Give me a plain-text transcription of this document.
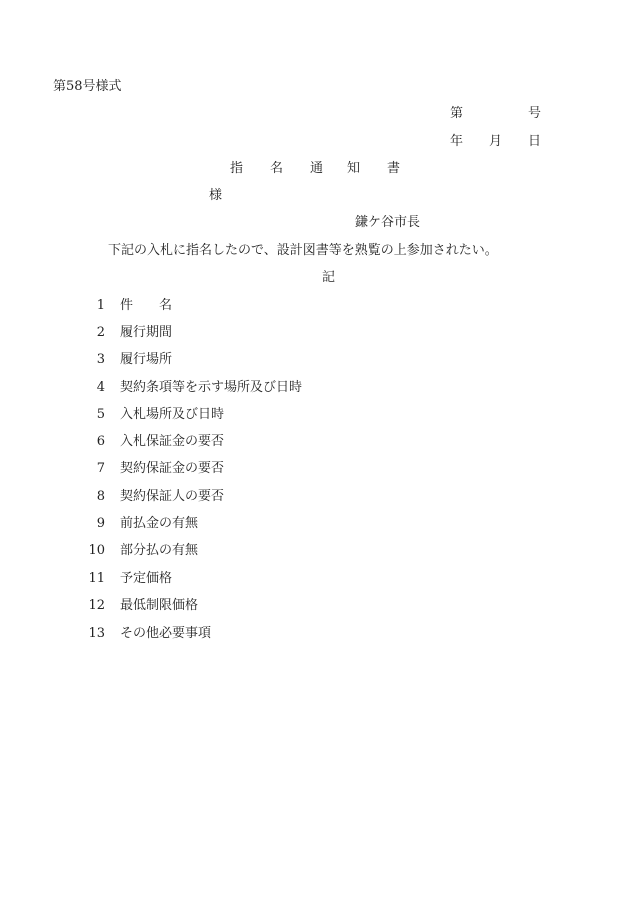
第58号様式
第	号
年 月 日
指 名 通 知 書
様
鎌ケ谷市長
下記の入札に指名したので、設計図書等を熟覧の上参加されたい。
記
1 件　　名
2 履行期間
3 履行場所
4 契約条項等を示す場所及び日時
5 入札場所及び日時
6 入札保証金の要否
7 契約保証金の要否
8 契約保証人の要否
9 前払金の有無
10 部分払の有無
11 予定価格
12 最低制限価格
13 その他必要事項
